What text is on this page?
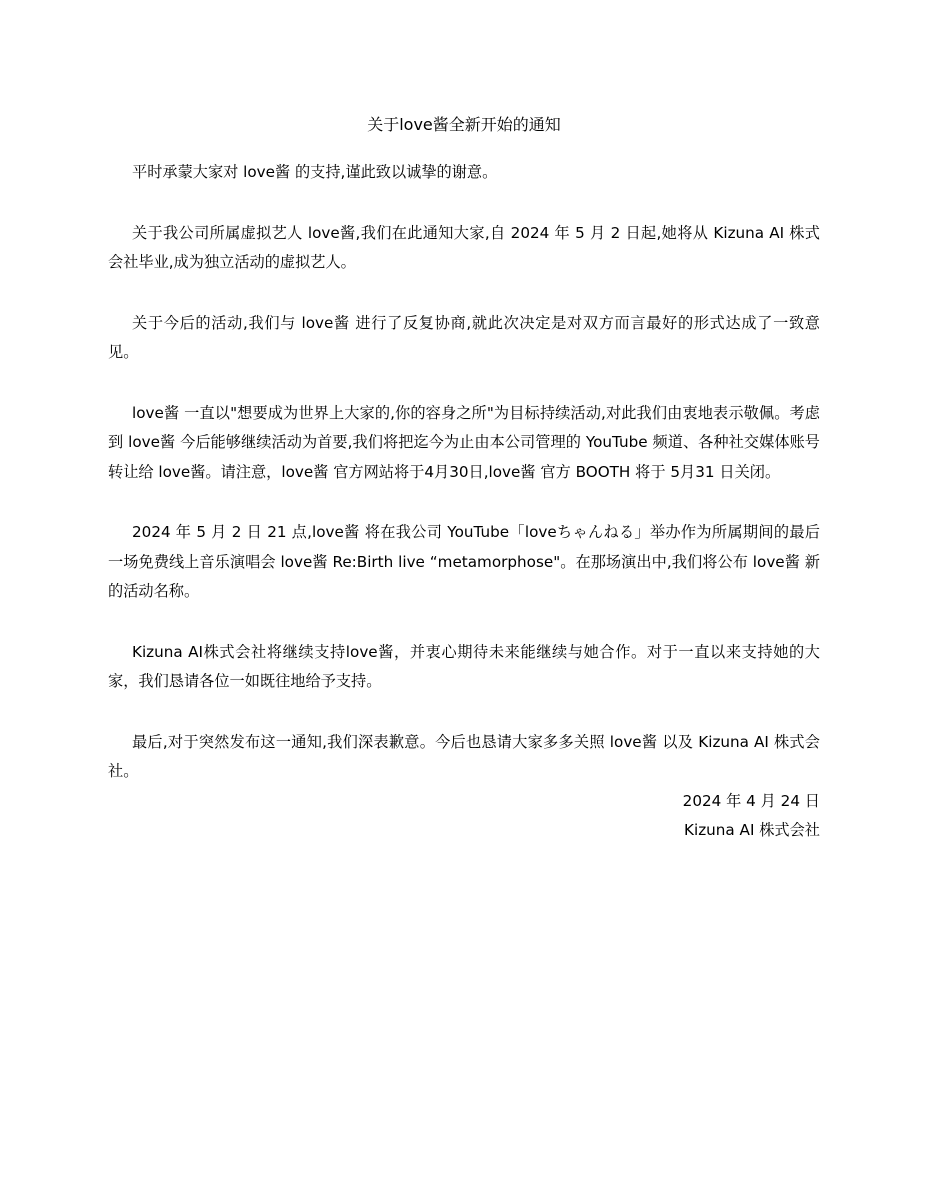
关于love酱全新开始的通知

平时承蒙大家对 love酱 的支持,谨此致以诚挚的谢意。

关于我公司所属虚拟艺人 love酱,我们在此通知大家,自 2024 年 5 月 2 日起,她将从 Kizuna AI 株式会社毕业,成为独立活动的虚拟艺人。

关于今后的活动,我们与 love酱 进行了反复协商,就此次决定是对双方而言最好的形式达成了一致意见。

love酱 一直以"想要成为世界上大家的,你的容身之所"为目标持续活动,对此我们由衷地表示敬佩。考虑到 love酱 今后能够继续活动为首要,我们将把迄今为止由本公司管理的 YouTube 频道、各种社交媒体账号转让给 love酱。请注意，love酱 官方网站将于4月30日,love酱 官方 BOOTH 将于 5月31 日关闭。

2024 年 5 月 2 日 21 点,love酱 将在我公司 YouTube「loveちゃんねる」举办作为所属期间的最后一场免费线上音乐演唱会 love酱 Re:Birth live “metamorphose"。在那场演出中,我们将公布 love酱 新的活动名称。

Kizuna AI株式会社将继续支持love酱，并衷心期待未来能继续与她合作。对于一直以来支持她的大家，我们恳请各位一如既往地给予支持。

最后,对于突然发布这一通知,我们深表歉意。今后也恳请大家多多关照 love酱 以及 Kizuna AI 株式会社。

2024 年 4 月 24 日
Kizuna AI 株式会社
